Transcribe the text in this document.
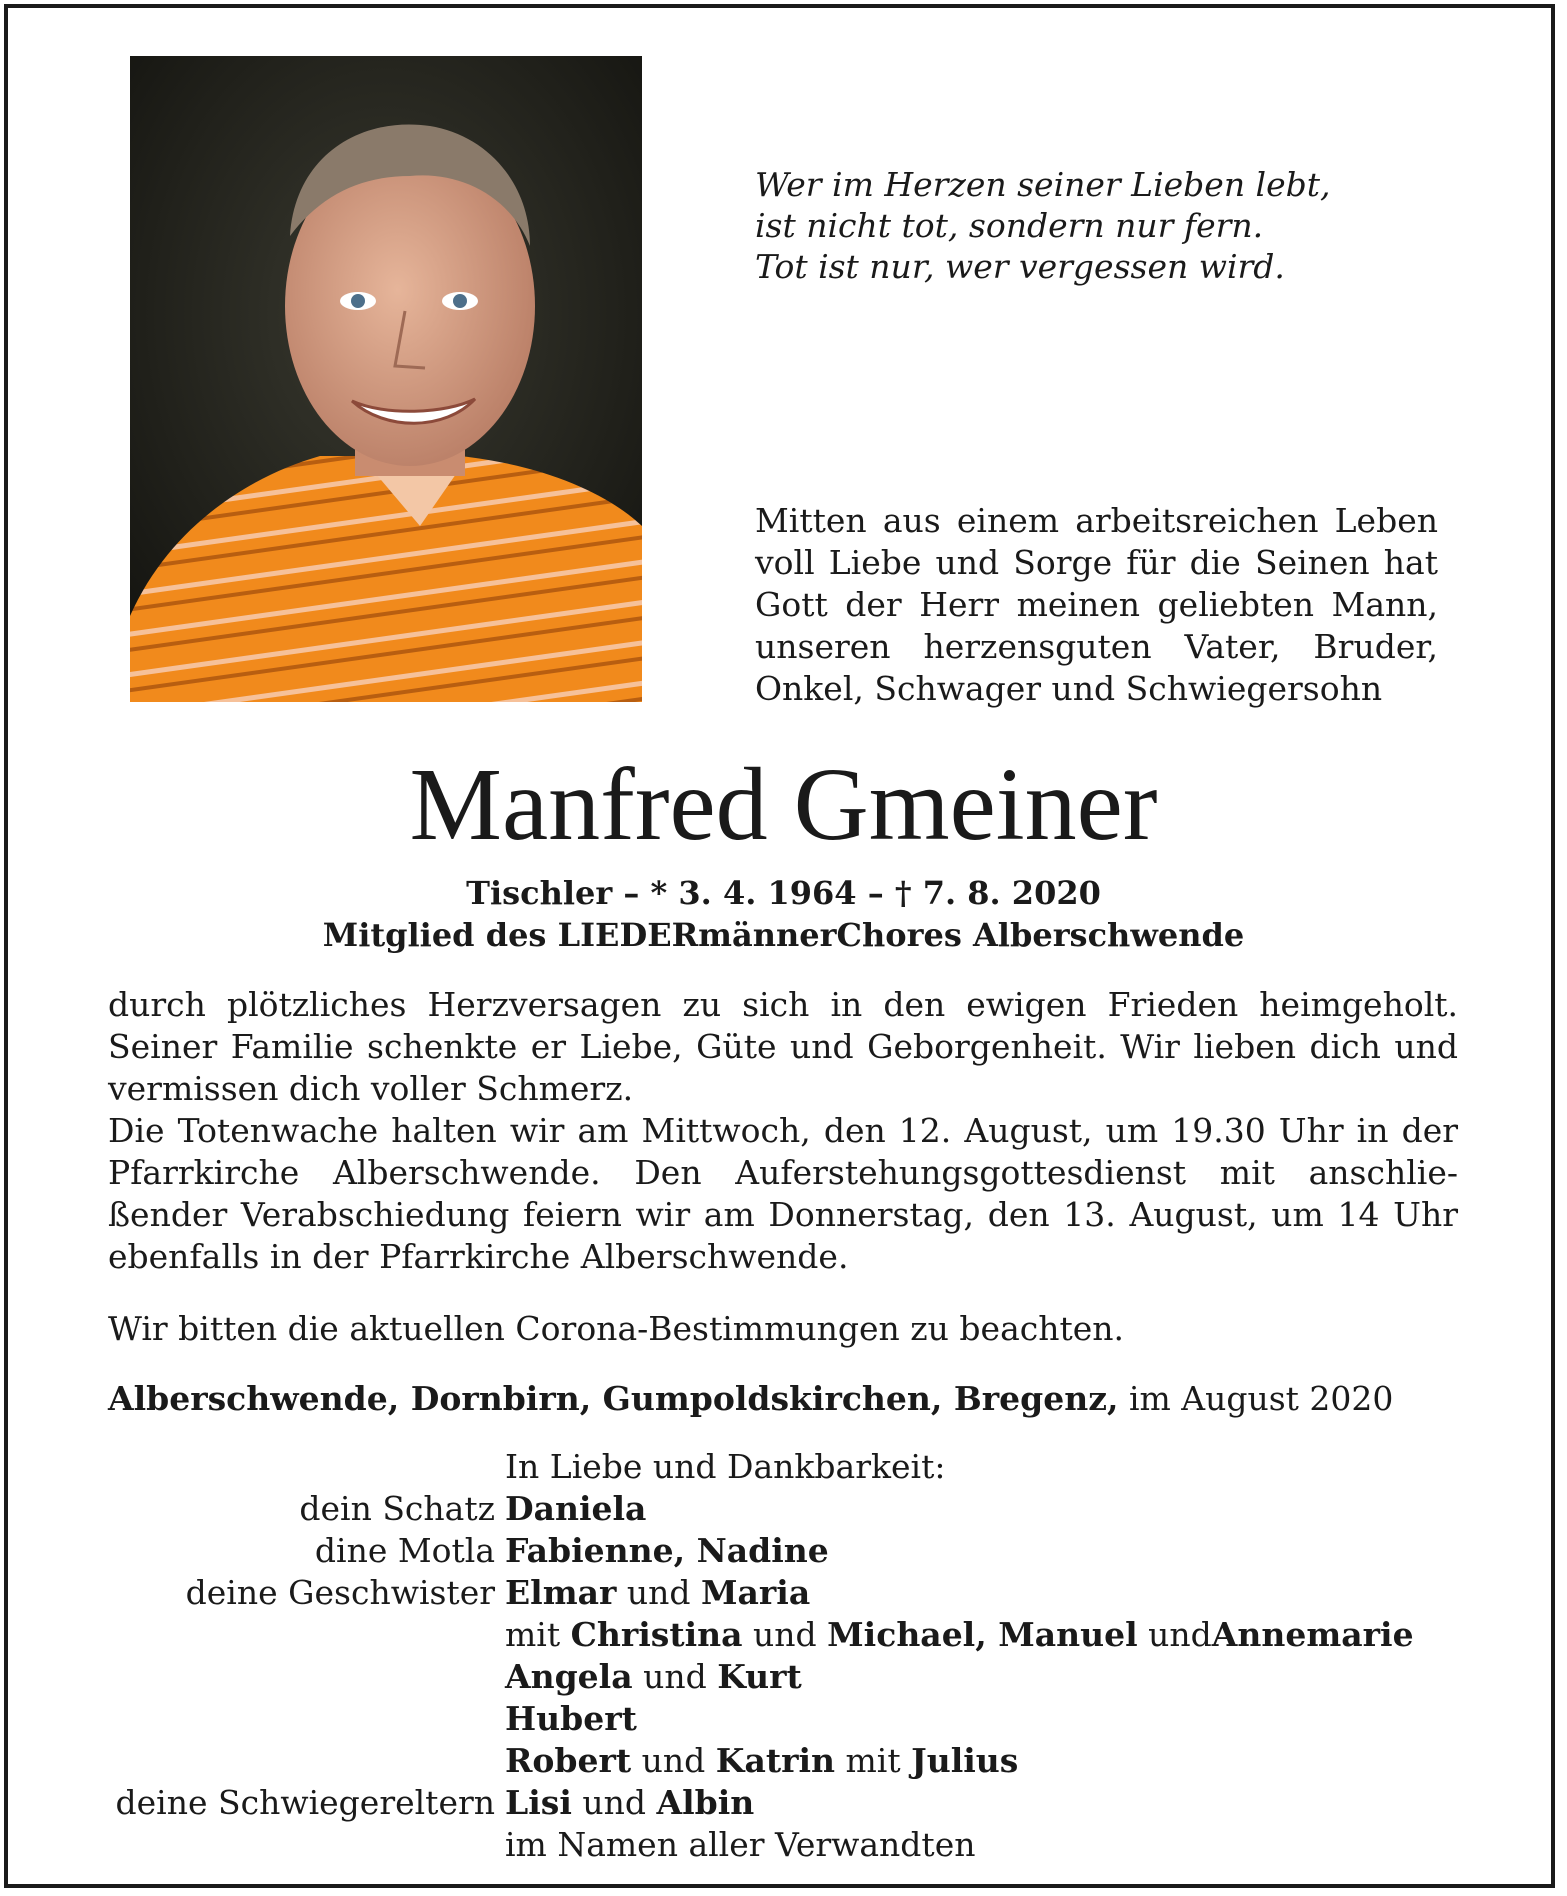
Wer im Herzen seiner Lieben lebt,
ist nicht tot, sondern nur fern.
Tot ist nur, wer vergessen wird.
Mitten aus einem arbeitsreichen Leben
voll Liebe und Sorge für die Seinen hat
Gott der Herr meinen geliebten Mann,
unseren herzensguten Vater, Bruder,
Onkel, Schwager und Schwiegersohn
Manfred Gmeiner
Tischler – * 3. 4. 1964 – † 7. 8. 2020
Mitglied des LIEDERmännerChores Alberschwende
durch plötzliches Herzversagen zu sich in den ewigen Frieden heimgeholt.
Seiner Familie schenkte er Liebe, Güte und Geborgenheit. Wir lieben dich und
vermissen dich voller Schmerz.
Die Totenwache halten wir am Mittwoch, den 12. August, um 19.30 Uhr in der
Pfarrkirche Alberschwende. Den Auferstehungsgottesdienst mit anschlie-
ßender Verabschiedung feiern wir am Donnerstag, den 13. August, um 14 Uhr
ebenfalls in der Pfarrkirche Alberschwende.
Wir bitten die aktuellen Corona-Bestimmungen zu beachten.
Alberschwende, Dornbirn, Gumpoldskirchen, Bregenz, im August 2020
In Liebe und Dankbarkeit:
dein Schatz Daniela
dine Motla Fabienne, Nadine
deine Geschwister Elmar und Maria
mit Christina und Michael, Manuel undAnnemarie
Angela und Kurt
Hubert
Robert und Katrin mit Julius
deine Schwiegereltern Lisi und Albin
im Namen aller Verwandten
